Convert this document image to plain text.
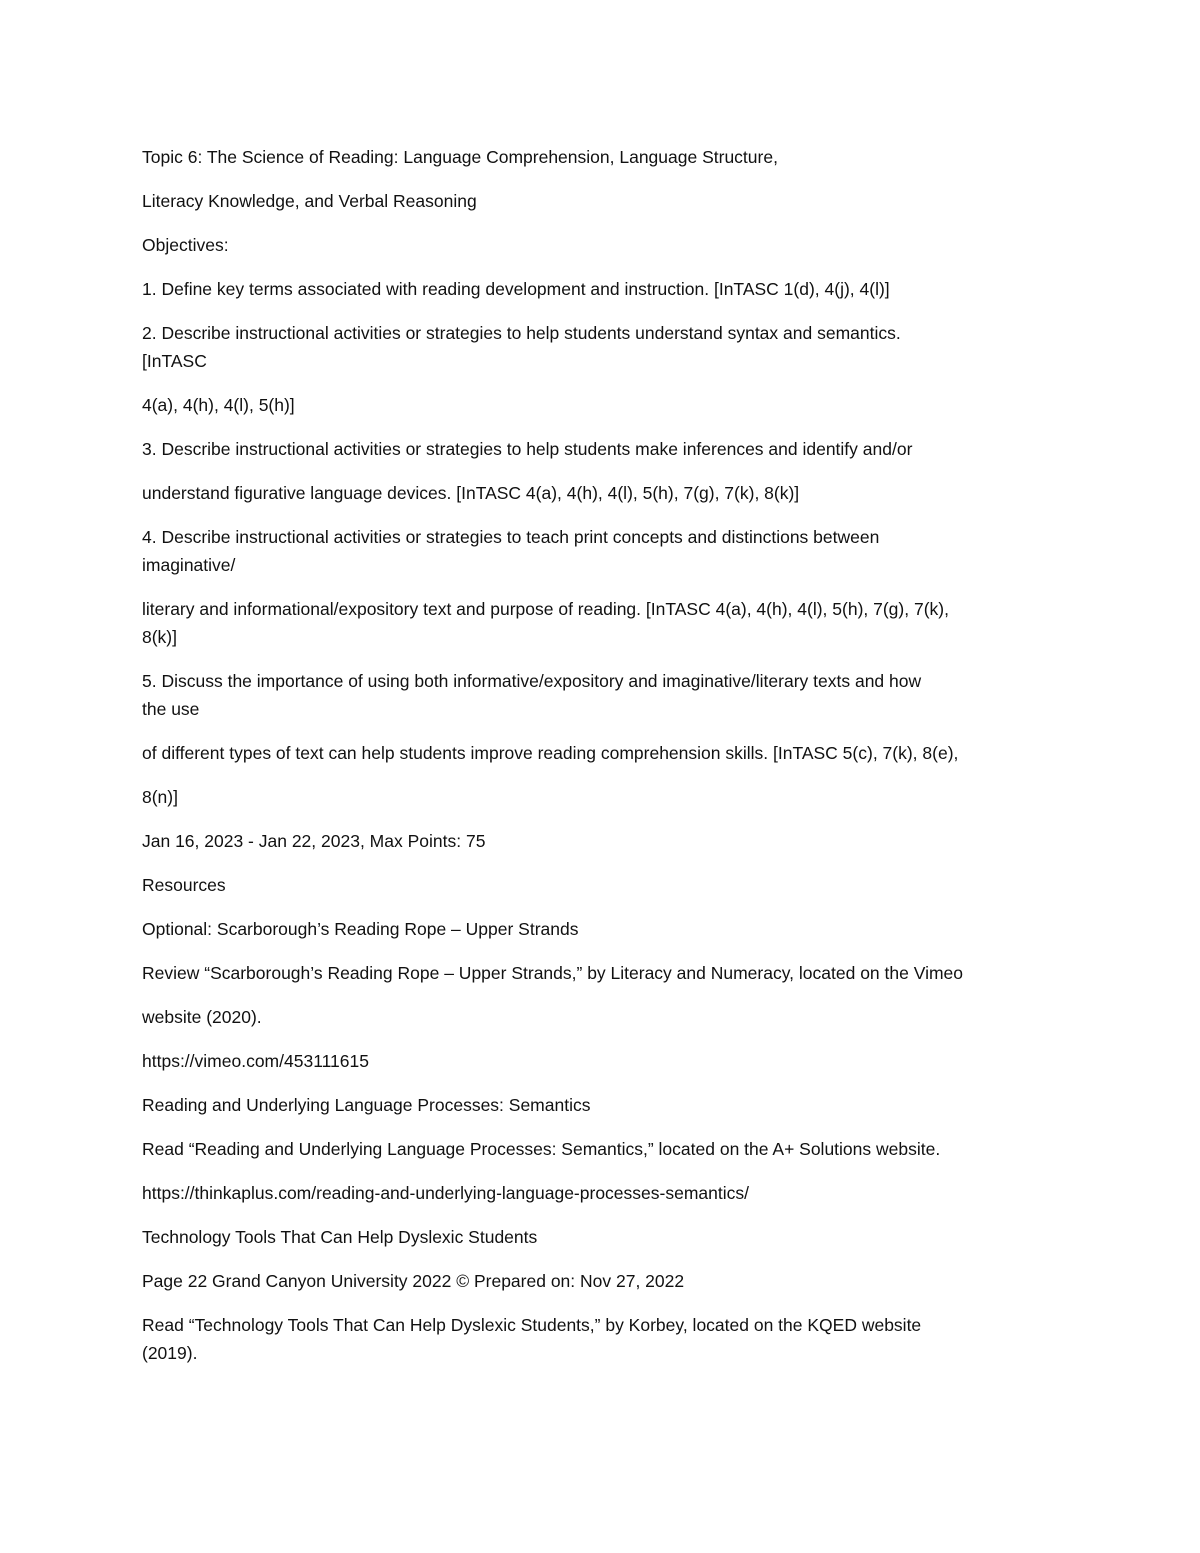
Topic 6: The Science of Reading: Language Comprehension, Language Structure,

Literacy Knowledge, and Verbal Reasoning

Objectives:

1. Define key terms associated with reading development and instruction. [InTASC 1(d), 4(j), 4(l)]

2. Describe instructional activities or strategies to help students understand syntax and semantics.

[InTASC

4(a), 4(h), 4(l), 5(h)]

3. Describe instructional activities or strategies to help students make inferences and identify and/or

understand figurative language devices. [InTASC 4(a), 4(h), 4(l), 5(h), 7(g), 7(k), 8(k)]

4. Describe instructional activities or strategies to teach print concepts and distinctions between

imaginative/

literary and informational/expository text and purpose of reading. [InTASC 4(a), 4(h), 4(l), 5(h), 7(g), 7(k),

8(k)]

5. Discuss the importance of using both informative/expository and imaginative/literary texts and how

the use

of different types of text can help students improve reading comprehension skills. [InTASC 5(c), 7(k), 8(e),

8(n)]

Jan 16, 2023 - Jan 22, 2023, Max Points: 75

Resources

Optional: Scarborough’s Reading Rope – Upper Strands

Review “Scarborough’s Reading Rope – Upper Strands,” by Literacy and Numeracy, located on the Vimeo

website (2020).

https://vimeo.com/453111615

Reading and Underlying Language Processes: Semantics

Read “Reading and Underlying Language Processes: Semantics,” located on the A+ Solutions website.

https://thinkaplus.com/reading-and-underlying-language-processes-semantics/

Technology Tools That Can Help Dyslexic Students

Page 22 Grand Canyon University 2022 © Prepared on: Nov 27, 2022

Read “Technology Tools That Can Help Dyslexic Students,” by Korbey, located on the KQED website

(2019).
